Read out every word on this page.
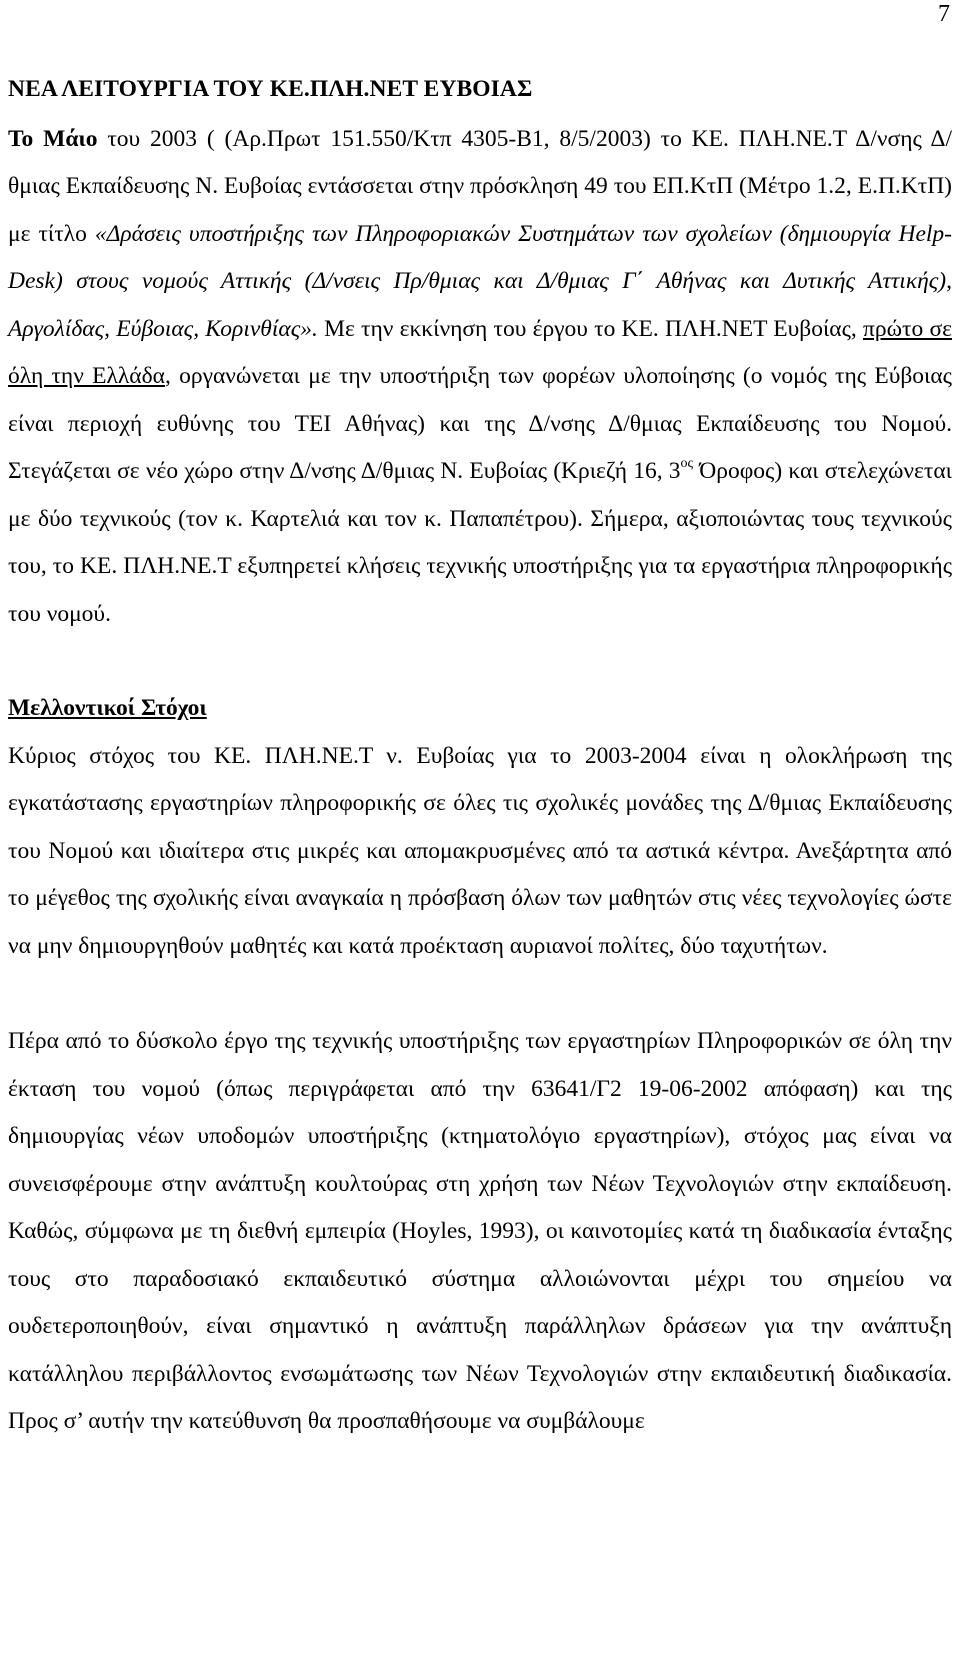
7

ΝΕΑ ΛΕΙΤΟΥΡΓΙΑ ΤΟΥ ΚΕ.ΠΛΗ.ΝΕΤ ΕΥΒΟΙΑΣ

Το Μάιο του 2003 ( (Αρ.Πρωτ 151.550/Κτπ 4305-Β1, 8/5/2003) το ΚΕ. ΠΛΗ.ΝΕ.Τ Δ/νσης Δ/θμιας Εκπαίδευσης Ν. Ευβοίας εντάσσεται στην πρόσκληση 49 του ΕΠ.ΚτΠ (Μέτρο 1.2, Ε.Π.ΚτΠ) με τίτλο «Δράσεις υποστήριξης των Πληροφοριακών Συστημάτων των σχολείων (δημιουργία Help-Desk) στους νομούς Αττικής (Δ/νσεις Πρ/θμιας και Δ/θμιας Γ΄ Αθήνας και Δυτικής Αττικής), Αργολίδας, Εύβοιας, Κορινθίας». Με την εκκίνηση του έργου το ΚΕ. ΠΛΗ.ΝΕΤ Ευβοίας, πρώτο σε όλη την Ελλάδα, οργανώνεται με την υποστήριξη των φορέων υλοποίησης (ο νομός της Εύβοιας είναι περιοχή ευθύνης του ΤΕΙ Αθήνας) και της Δ/νσης Δ/θμιας Εκπαίδευσης του Νομού. Στεγάζεται σε νέο χώρο στην Δ/νσης Δ/θμιας Ν. Ευβοίας (Κριεζή 16, $3^{o\varsigma}$ Όροφος) και στελεχώνεται με δύο τεχνικούς (τον κ. Καρτελιά και τον κ. Παπαπέτρου). Σήμερα, αξιοποιώντας τους τεχνικούς του, το ΚΕ. ΠΛΗ.ΝΕ.Τ εξυπηρετεί κλήσεις τεχνικής υποστήριξης για τα εργαστήρια πληροφορικής του νομού.

Μελλοντικοί Στόχοι

Κύριος στόχος του ΚΕ. ΠΛΗ.ΝΕ.Τ ν. Ευβοίας για το 2003-2004 είναι η ολοκλήρωση της εγκατάστασης εργαστηρίων πληροφορικής σε όλες τις σχολικές μονάδες της Δ/θμιας Εκπαίδευσης του Νομού και ιδιαίτερα στις μικρές και απομακρυσμένες από τα αστικά κέντρα. Ανεξάρτητα από το μέγεθος της σχολικής είναι αναγκαία η πρόσβαση όλων των μαθητών στις νέες τεχνολογίες ώστε να μην δημιουργηθούν μαθητές και κατά προέκταση αυριανοί πολίτες, δύο ταχυτήτων.

Πέρα από το δύσκολο έργο της τεχνικής υποστήριξης των εργαστηρίων Πληροφορικών σε όλη την έκταση του νομού (όπως περιγράφεται από την 63641/Γ2 19-06-2002 απόφαση) και της δημιουργίας νέων υποδομών υποστήριξης (κτηματολόγιο εργαστηρίων), στόχος μας είναι να συνεισφέρουμε στην ανάπτυξη κουλτούρας στη χρήση των Νέων Τεχνολογιών στην εκπαίδευση. Καθώς, σύμφωνα με τη διεθνή εμπειρία (Hoyles, 1993), οι καινοτομίες κατά τη διαδικασία ένταξης τους στο παραδοσιακό εκπαιδευτικό σύστημα αλλοιώνονται μέχρι του σημείου να ουδετεροποιηθούν, είναι σημαντικό η ανάπτυξη παράλληλων δράσεων για την ανάπτυξη κατάλληλου περιβάλλοντος ενσωμάτωσης των Νέων Τεχνολογιών στην εκπαιδευτική διαδικασία. Προς σ’ αυτήν την κατεύθυνση θα προσπαθήσουμε να συμβάλουμε
